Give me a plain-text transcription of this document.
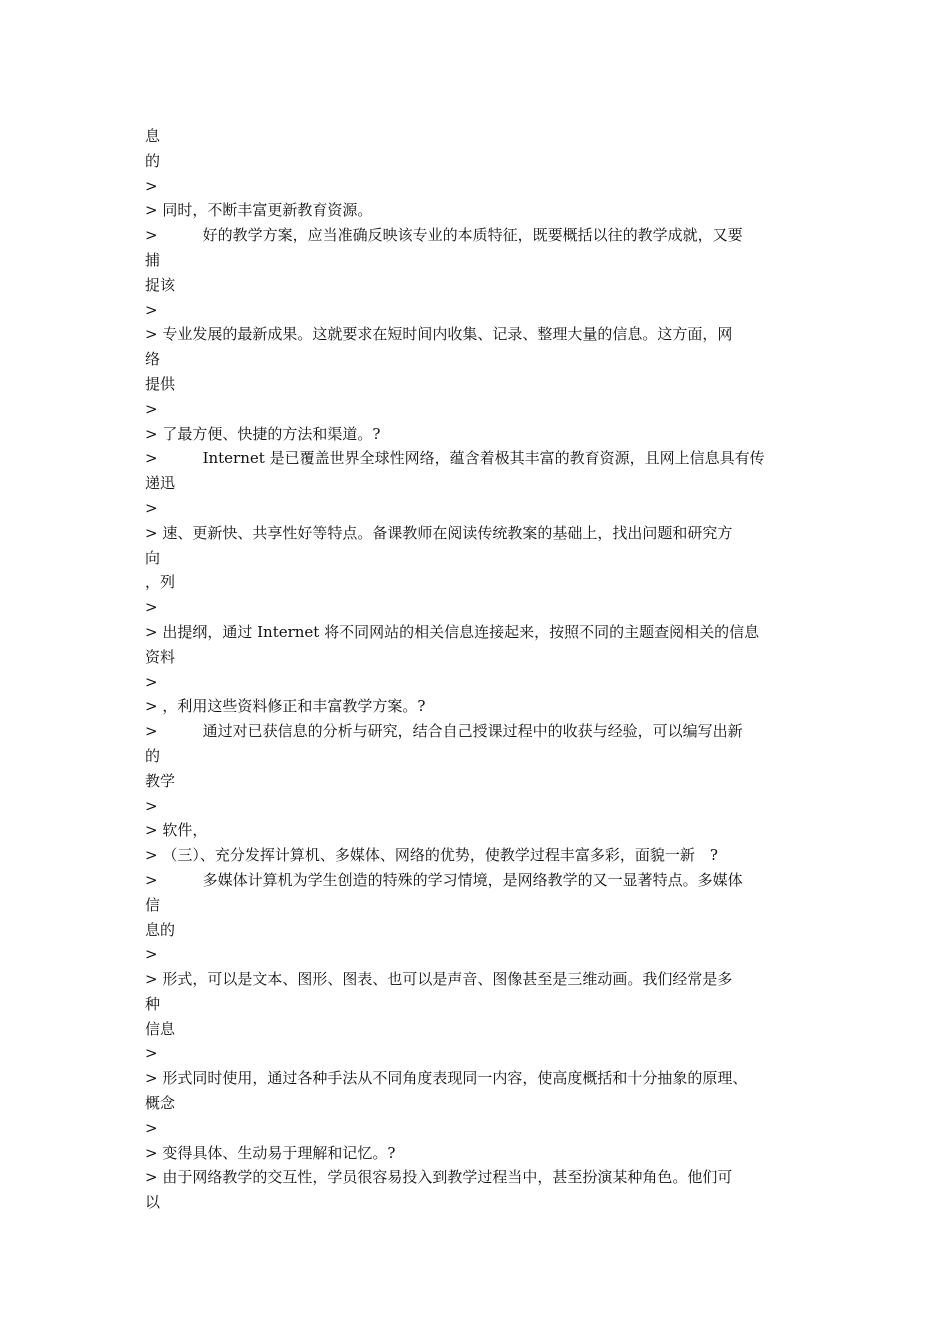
息
的
>
> 同时，不断丰富更新教育资源。
>　　　好的教学方案，应当准确反映该专业的本质特征，既要概括以往的教学成就，又要
捕
捉该
>
> 专业发展的最新成果。这就要求在短时间内收集、记录、整理大量的信息。这方面，网
络
提供
>
> 了最方便、快捷的方法和渠道。?
>　　　Internet 是已覆盖世界全球性网络，蕴含着极其丰富的教育资源，且网上信息具有传
递迅
>
> 速、更新快、共享性好等特点。备课教师在阅读传统教案的基础上，找出问题和研究方
向
，列
>
> 出提纲，通过 Internet 将不同网站的相关信息连接起来，按照不同的主题查阅相关的信息
资料
>
> ，利用这些资料修正和丰富教学方案。?
>　　　通过对已获信息的分析与研究，结合自己授课过程中的收获与经验，可以编写出新
的
教学
>
> 软件，
> （三）、充分发挥计算机、多媒体、网络的优势，使教学过程丰富多彩，面貌一新　?
>　　　多媒体计算机为学生创造的特殊的学习情境，是网络教学的又一显著特点。多媒体
信
息的
>
> 形式，可以是文本、图形、图表、也可以是声音、图像甚至是三维动画。我们经常是多
种
信息
>
> 形式同时使用，通过各种手法从不同角度表现同一内容，使高度概括和十分抽象的原理、
概念
>
> 变得具体、生动易于理解和记忆。?
> 由于网络教学的交互性，学员很容易投入到教学过程当中，甚至扮演某种角色。他们可
以
